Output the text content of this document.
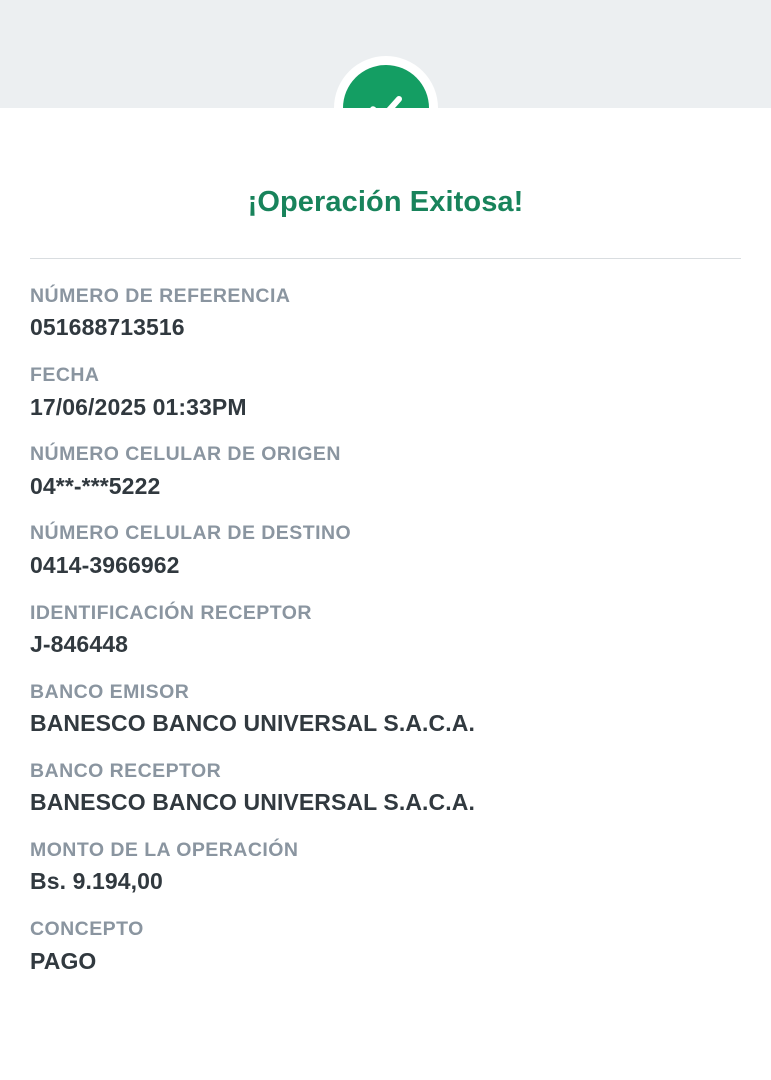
¡Operación Exitosa!
NÚMERO DE REFERENCIA
051688713516
FECHA
17/06/2025 01:33PM
NÚMERO CELULAR DE ORIGEN
04**-***5222
NÚMERO CELULAR DE DESTINO
0414-3966962
IDENTIFICACIÓN RECEPTOR
J-846448
BANCO EMISOR
BANESCO BANCO UNIVERSAL S.A.C.A.
BANCO RECEPTOR
BANESCO BANCO UNIVERSAL S.A.C.A.
MONTO DE LA OPERACIÓN
Bs. 9.194,00
CONCEPTO
PAGO
